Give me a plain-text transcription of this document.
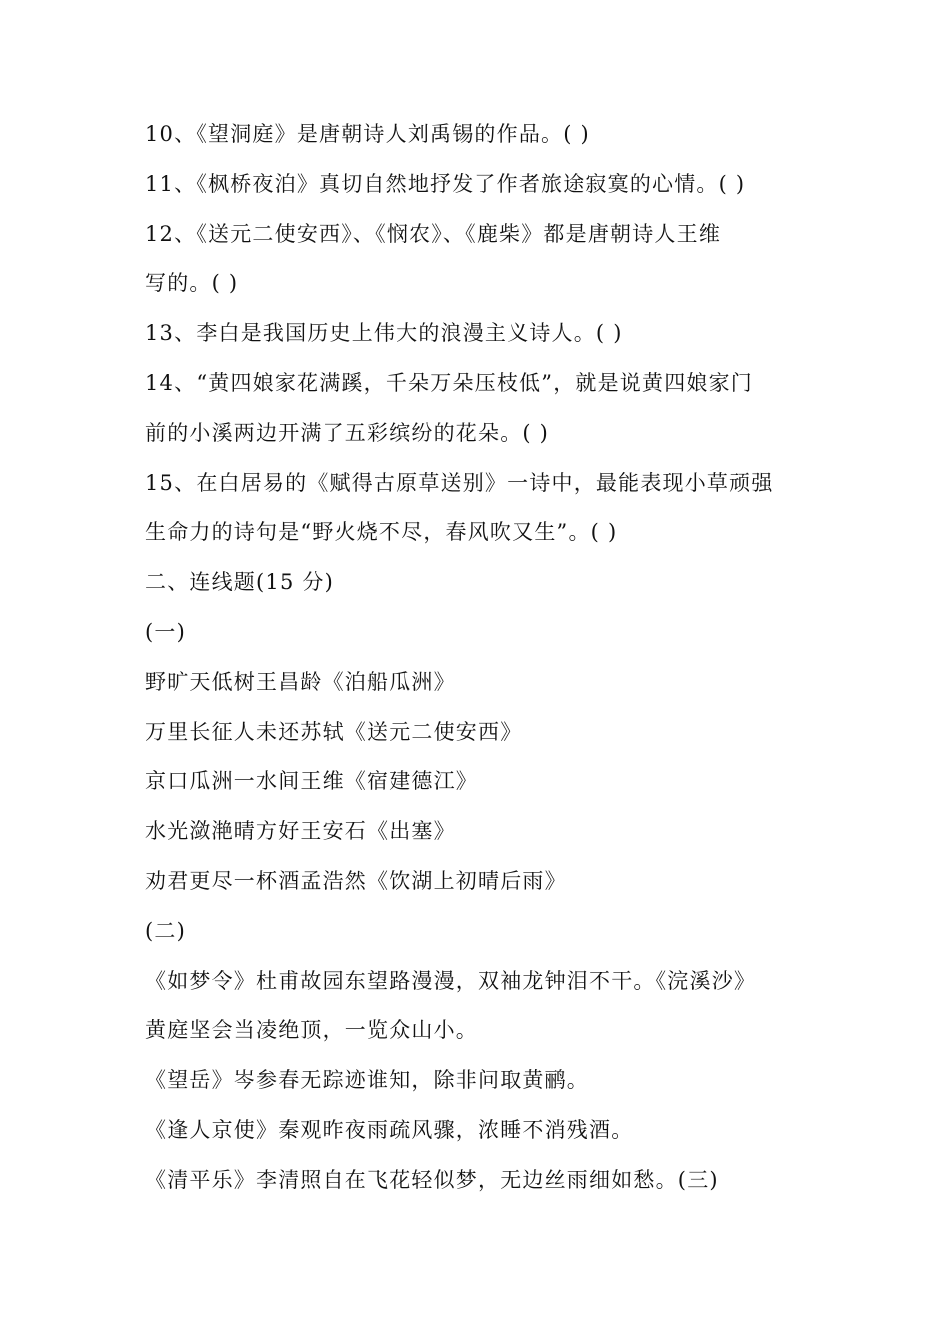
10、《望洞庭》是唐朝诗人刘禹锡的作品。( )
11、《枫桥夜泊》真切自然地抒发了作者旅途寂寞的心情。( )
12、《送元二使安西》、《悯农》、《鹿柴》都是唐朝诗人王维
写的。( )
13、李白是我国历史上伟大的浪漫主义诗人。( )
14、“黄四娘家花满蹊，千朵万朵压枝低”，就是说黄四娘家门
前的小溪两边开满了五彩缤纷的花朵。( )
15、在白居易的《赋得古原草送别》一诗中，最能表现小草顽强
生命力的诗句是“野火烧不尽，春风吹又生”。( )
二、连线题(15 分)
(一)
野旷天低树王昌龄《泊船瓜洲》
万里长征人未还苏轼《送元二使安西》
京口瓜洲一水间王维《宿建德江》
水光潋滟晴方好王安石《出塞》
劝君更尽一杯酒孟浩然《饮湖上初晴后雨》
(二)
《如梦令》杜甫故园东望路漫漫，双袖龙钟泪不干。《浣溪沙》
黄庭坚会当凌绝顶，一览众山小。
《望岳》岑参春无踪迹谁知，除非问取黄鹂。
《逢人京使》秦观昨夜雨疏风骤，浓睡不消残酒。
《清平乐》李清照自在飞花轻似梦，无边丝雨细如愁。(三)
